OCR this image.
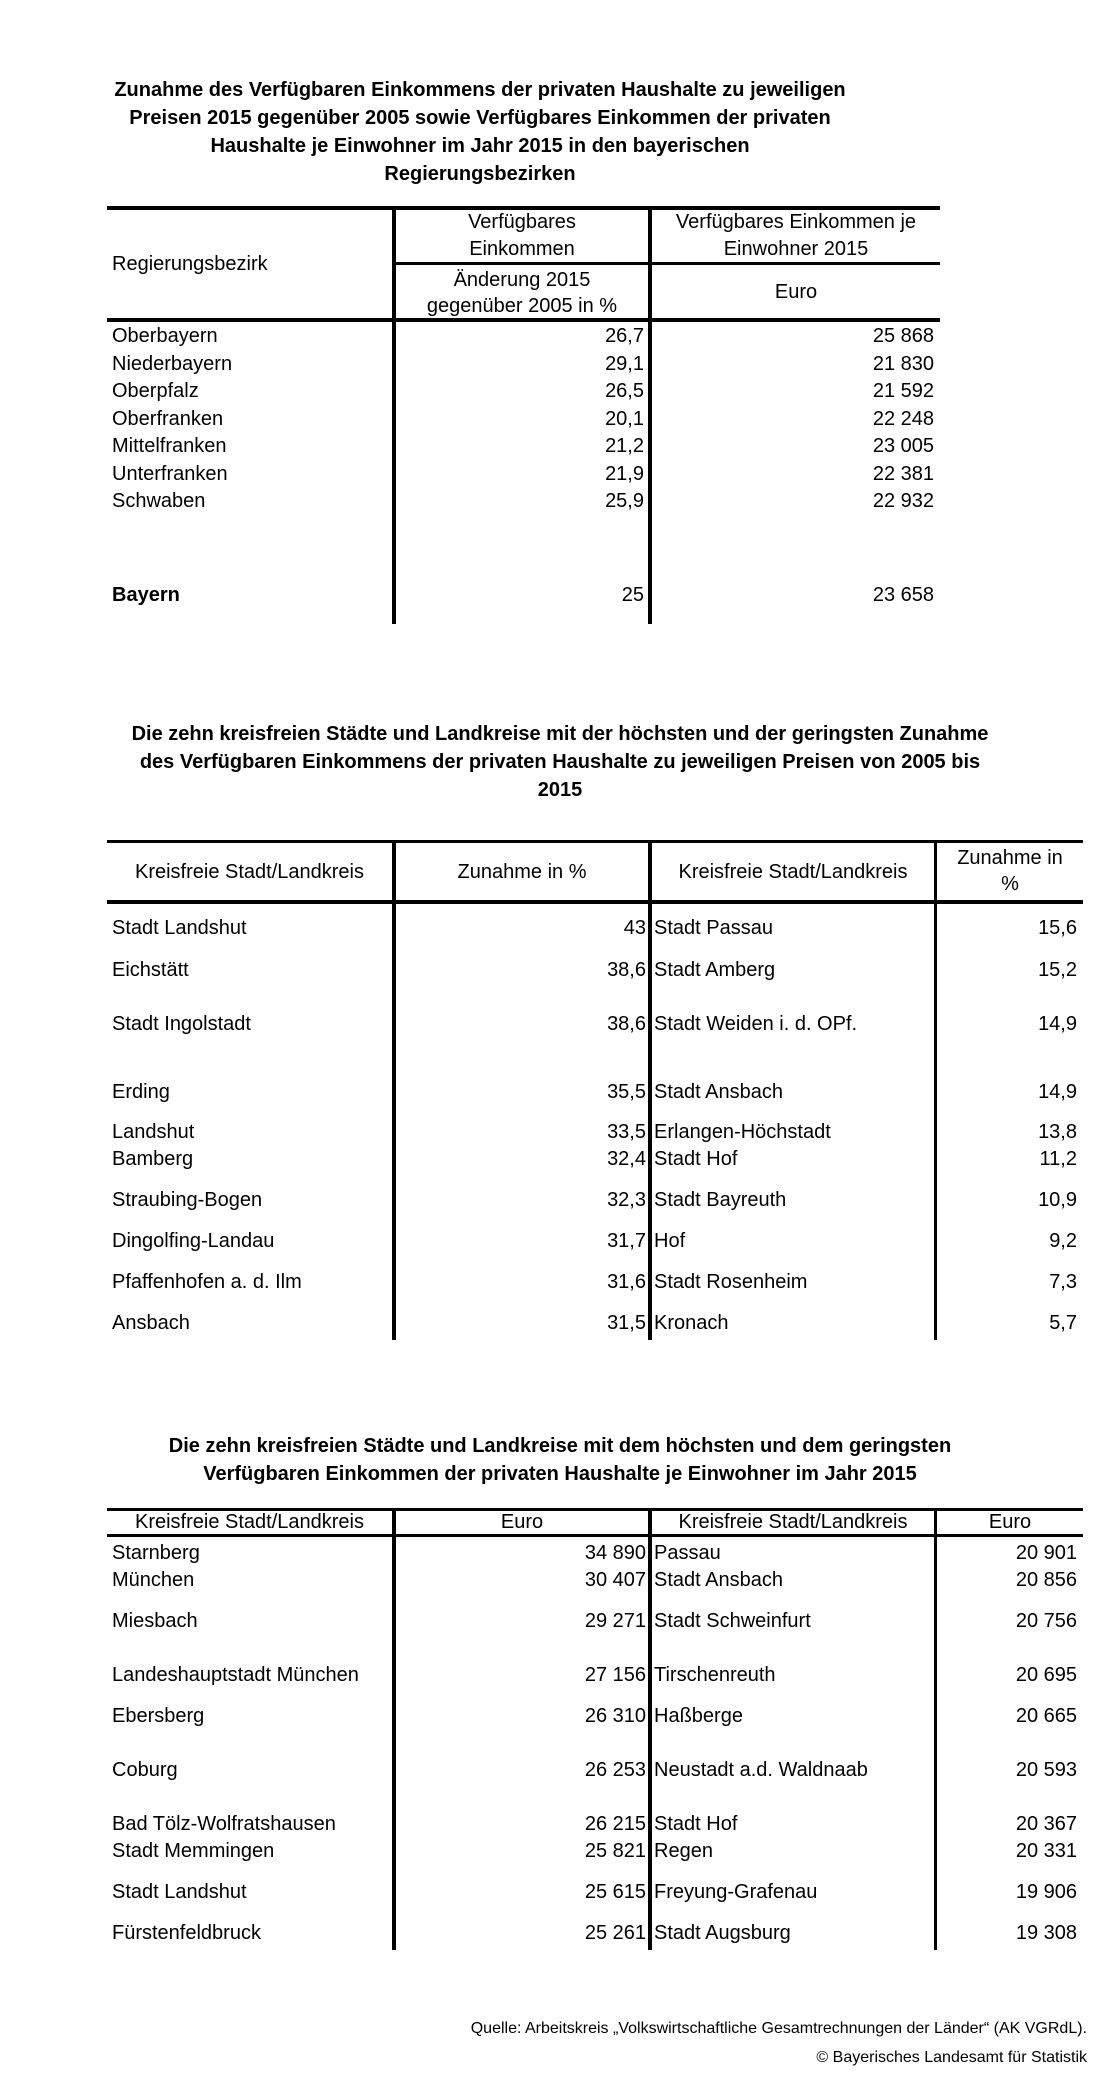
Zunahme des Verfügbaren Einkommens der privaten Haushalte zu jeweiligen
Preisen 2015 gegenüber 2005 sowie Verfügbares Einkommen der privaten
Haushalte je Einwohner im Jahr 2015 in den bayerischen
Regierungsbezirken
Regierungsbezirk
Verfügbares
Einkommen
Änderung 2015
gegenüber 2005 in %
Verfügbares Einkommen je
Einwohner 2015
Euro
Oberbayern	26,7	25 868
Niederbayern	29,1	21 830
Oberpfalz	26,5	21 592
Oberfranken	20,1	22 248
Mittelfranken	21,2	23 005
Unterfranken	21,9	22 381
Schwaben	25,9	22 932
Bayern	25	23 658
Die zehn kreisfreien Städte und Landkreise mit der höchsten und der geringsten Zunahme
des Verfügbaren Einkommens der privaten Haushalte zu jeweiligen Preisen von 2005 bis
2015
Kreisfreie Stadt/Landkreis	Zunahme in %	Kreisfreie Stadt/Landkreis
Zunahme in
%
Stadt Landshut	43 Stadt Passau	15,6
Eichstätt	38,6 Stadt Amberg	15,2
Stadt Ingolstadt	38,6 Stadt Weiden i. d. OPf.	14,9
Erding	35,5 Stadt Ansbach	14,9
Landshut	33,5 Erlangen-Höchstadt	13,8
Bamberg	32,4 Stadt Hof	11,2
Straubing-Bogen	32,3 Stadt Bayreuth	10,9
Dingolfing-Landau	31,7 Hof	9,2
Pfaffenhofen a. d. Ilm	31,6 Stadt Rosenheim	7,3
Ansbach	31,5 Kronach	5,7
Die zehn kreisfreien Städte und Landkreise mit dem höchsten und dem geringsten
Verfügbaren Einkommen der privaten Haushalte je Einwohner im Jahr 2015
Kreisfreie Stadt/Landkreis	Euro	Kreisfreie Stadt/Landkreis	Euro
Starnberg	34 890 Passau	20 901
München	30 407 Stadt Ansbach	20 856
Miesbach	29 271 Stadt Schweinfurt	20 756
Landeshauptstadt München	27 156 Tirschenreuth	20 695
Ebersberg	26 310 Haßberge	20 665
Coburg	26 253 Neustadt a.d. Waldnaab	20 593
Bad Tölz-Wolfratshausen	26 215 Stadt Hof	20 367
Stadt Memmingen	25 821 Regen	20 331
Stadt Landshut	25 615 Freyung-Grafenau	19 906
Fürstenfeldbruck	25 261 Stadt Augsburg	19 308
Quelle: Arbeitskreis „Volkswirtschaftliche Gesamtrechnungen der Länder“ (AK VGRdL).
© Bayerisches Landesamt für Statistik
